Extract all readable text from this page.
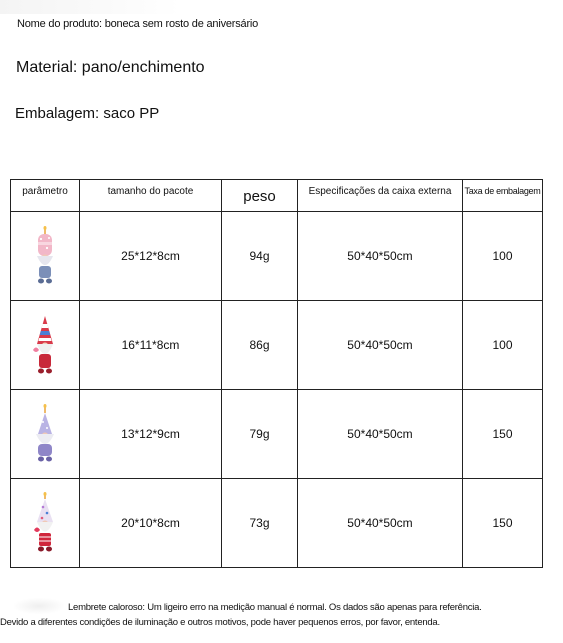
Nome do produto: boneca sem rosto de aniversário
Material: pano/enchimento
Embalagem: saco PP
parâmetro	tamanho do pacote	peso	Especificações da caixa externa	Taxa de embalagem

	25*12*8cm	94g	50*40*50cm	100

	16*11*8cm	86g	50*40*50cm	100

	13*12*9cm	79g	50*40*50cm	150

	20*10*8cm	73g	50*40*50cm	150
Lembrete caloroso: Um ligeiro erro na medição manual é normal. Os dados são apenas para referência.
Devido a diferentes condições de iluminação e outros motivos, pode haver pequenos erros, por favor, entenda.
